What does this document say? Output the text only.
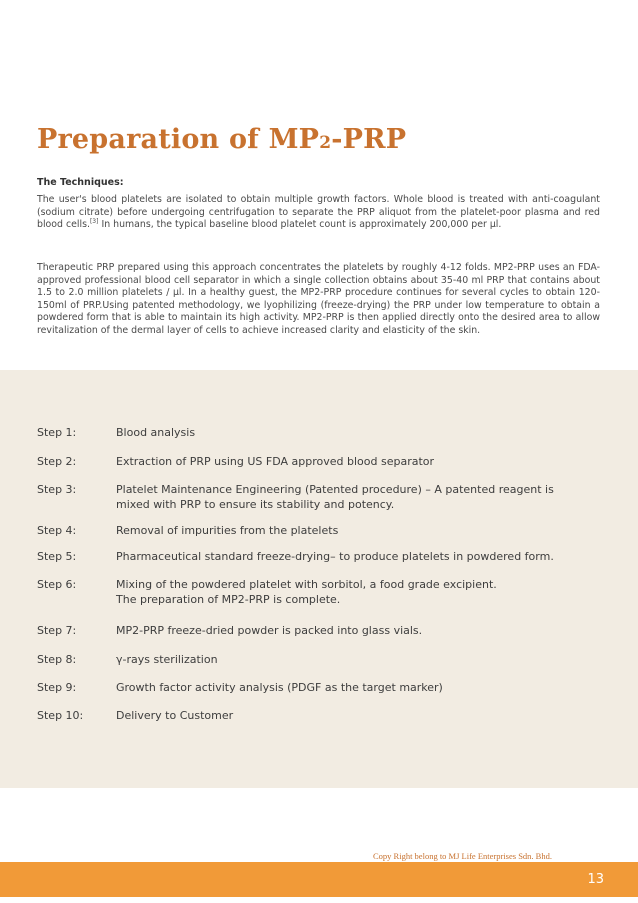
Preparation of MP2-PRP

The Techniques:

The user's blood platelets are isolated to obtain multiple growth factors. Whole blood is treated with anti-coagulant (sodium citrate) before undergoing centrifugation to separate the PRP aliquot from the platelet-poor plasma and red blood cells.[3] In humans, the typical baseline blood platelet count is approximately 200,000 per µl.

Therapeutic PRP prepared using this approach concentrates the platelets by roughly 4-12 folds. MP2-PRP uses an FDA-approved professional blood cell separator in which a single collection obtains about 35-40 ml PRP that contains about 1.5 to 2.0 million platelets / µl. In a healthy guest, the MP2-PRP procedure continues for several cycles to obtain 120-150ml of PRP.Using patented methodology, we lyophilizing (freeze-drying) the PRP under low temperature to obtain a powdered form that is able to maintain its high activity. MP2-PRP is then applied directly onto the desired area to allow revitalization of the dermal layer of cells to achieve increased clarity and elasticity of the skin.

Step 1:	Blood analysis
Step 2:	Extraction of PRP using US FDA approved blood separator
Step 3:	Platelet Maintenance Engineering (Patented procedure) – A patented reagent is
mixed with PRP to ensure its stability and potency.
Step 4:	Removal of impurities from the platelets
Step 5:	Pharmaceutical standard freeze-drying– to produce platelets in powdered form.
Step 6:	Mixing of the powdered platelet with sorbitol, a food grade excipient.
The preparation of MP2-PRP is complete.
Step 7:	MP2-PRP freeze-dried powder is packed into glass vials.
Step 8:	γ-rays sterilization
Step 9:	Growth factor activity analysis (PDGF as the target marker)
Step 10:	Delivery to Customer

Copy Right belong to MJ Life Enterprises Sdn. Bhd.

13
